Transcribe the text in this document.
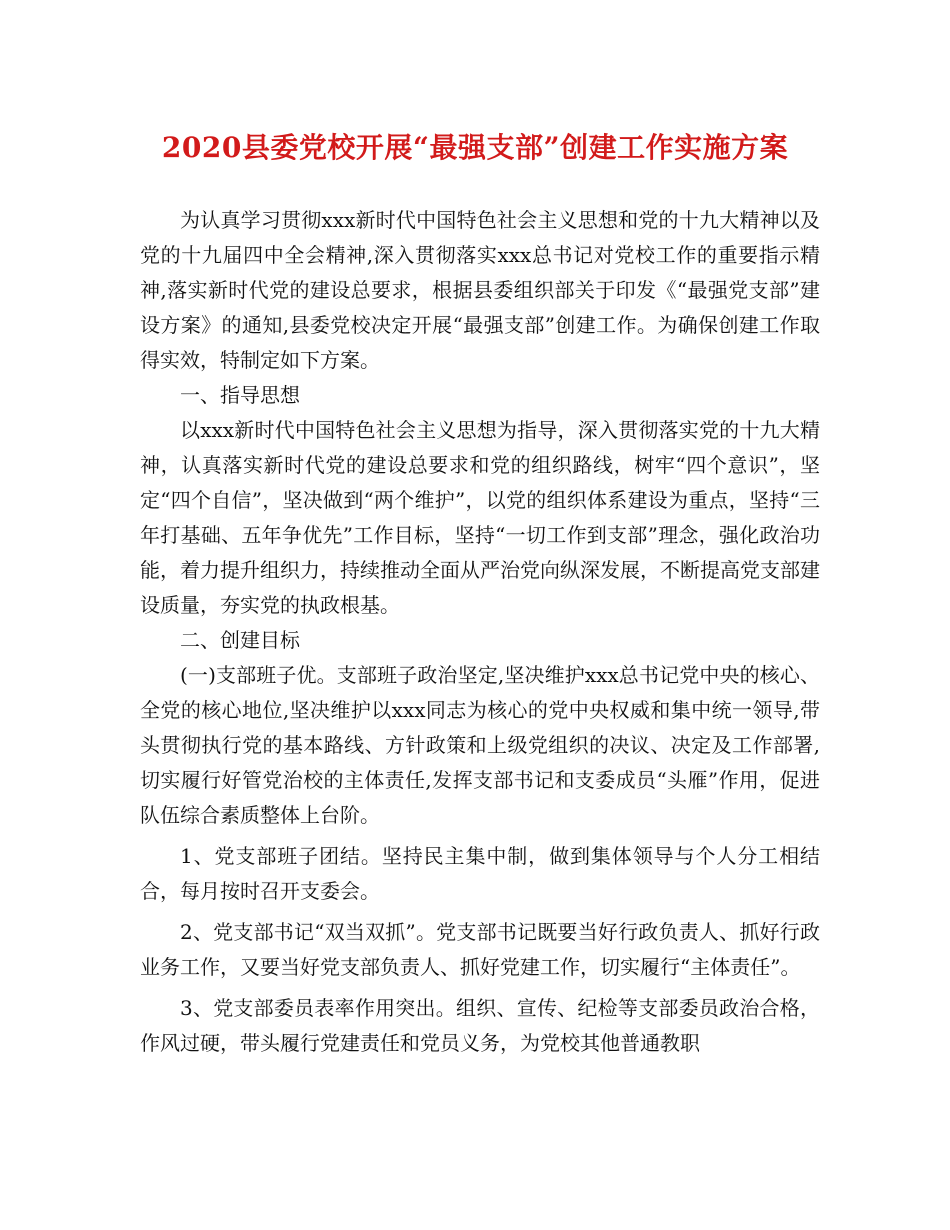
2020县委党校开展“最强支部”创建工作实施方案

为认真学习贯彻xxx新时代中国特色社会主义思想和党的十九大精神以及党的十九届四中全会精神,深入贯彻落实xxx总书记对党校工作的重要指示精神,落实新时代党的建设总要求，根据县委组织部关于印发《“最强党支部”建设方案》的通知,县委党校决定开展“最强支部”创建工作。为确保创建工作取得实效，特制定如下方案。

一、指导思想

以xxx新时代中国特色社会主义思想为指导，深入贯彻落实党的十九大精神，认真落实新时代党的建设总要求和党的组织路线，树牢“四个意识”，坚定“四个自信”，坚决做到“两个维护”，以党的组织体系建设为重点，坚持“三年打基础、五年争优先”工作目标，坚持“一切工作到支部”理念，强化政治功能，着力提升组织力，持续推动全面从严治党向纵深发展，不断提高党支部建设质量，夯实党的执政根基。

二、创建目标

(一)支部班子优。支部班子政治坚定,坚决维护xxx总书记党中央的核心、全党的核心地位,坚决维护以xxx同志为核心的党中央权威和集中统一领导,带头贯彻执行党的基本路线、方针政策和上级党组织的决议、决定及工作部署,切实履行好管党治校的主体责任,发挥支部书记和支委成员“头雁”作用，促进队伍综合素质整体上台阶。

1、党支部班子团结。坚持民主集中制，做到集体领导与个人分工相结合，每月按时召开支委会。

2、党支部书记“双当双抓”。党支部书记既要当好行政负责人、抓好行政业务工作，又要当好党支部负责人、抓好党建工作，切实履行“主体责任”。

3、党支部委员表率作用突出。组织、宣传、纪检等支部委员政治合格，作风过硬，带头履行党建责任和党员义务，为党校其他普通教职
